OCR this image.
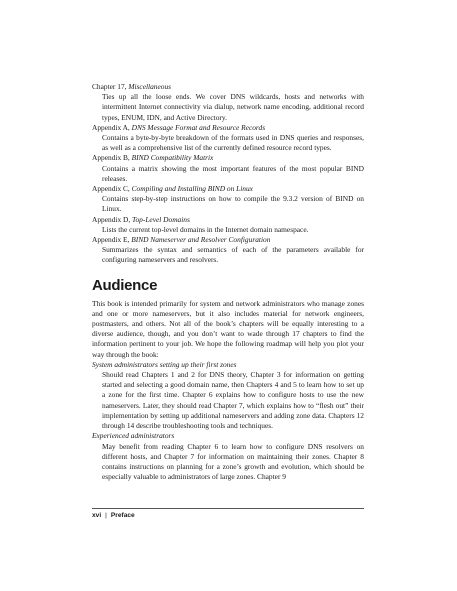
Chapter 17, Miscellaneous

Ties up all the loose ends. We cover DNS wildcards, hosts and networks with intermittent Internet connectivity via dialup, network name encoding, additional record types, ENUM, IDN, and Active Directory.

Appendix A, DNS Message Format and Resource Records

Contains a byte-by-byte breakdown of the formats used in DNS queries and responses, as well as a comprehensive list of the currently defined resource record types.

Appendix B, BIND Compatibility Matrix

Contains a matrix showing the most important features of the most popular BIND releases.

Appendix C, Compiling and Installing BIND on Linux

Contains step-by-step instructions on how to compile the 9.3.2 version of BIND on Linux.

Appendix D, Top-Level Domains

Lists the current top-level domains in the Internet domain namespace.

Appendix E, BIND Nameserver and Resolver Configuration

Summarizes the syntax and semantics of each of the parameters available for configuring nameservers and resolvers.

Audience

This book is intended primarily for system and network administrators who manage zones and one or more nameservers, but it also includes material for network engineers, postmasters, and others. Not all of the book’s chapters will be equally interesting to a diverse audience, though, and you don’t want to wade through 17 chapters to find the information pertinent to your job. We hope the following roadmap will help you plot your way through the book:

System administrators setting up their first zones

Should read Chapters 1 and 2 for DNS theory, Chapter 3 for information on getting started and selecting a good domain name, then Chapters 4 and 5 to learn how to set up a zone for the first time. Chapter 6 explains how to configure hosts to use the new nameservers. Later, they should read Chapter 7, which explains how to “flesh out” their implementation by setting up additional nameservers and adding zone data. Chapters 12 through 14 describe troubleshooting tools and techniques.

Experienced administrators

May benefit from reading Chapter 6 to learn how to configure DNS resolvers on different hosts, and Chapter 7 for information on maintaining their zones. Chapter 8 contains instructions on planning for a zone’s growth and evolution, which should be especially valuable to administrators of large zones. Chapter 9

xvi | Preface
